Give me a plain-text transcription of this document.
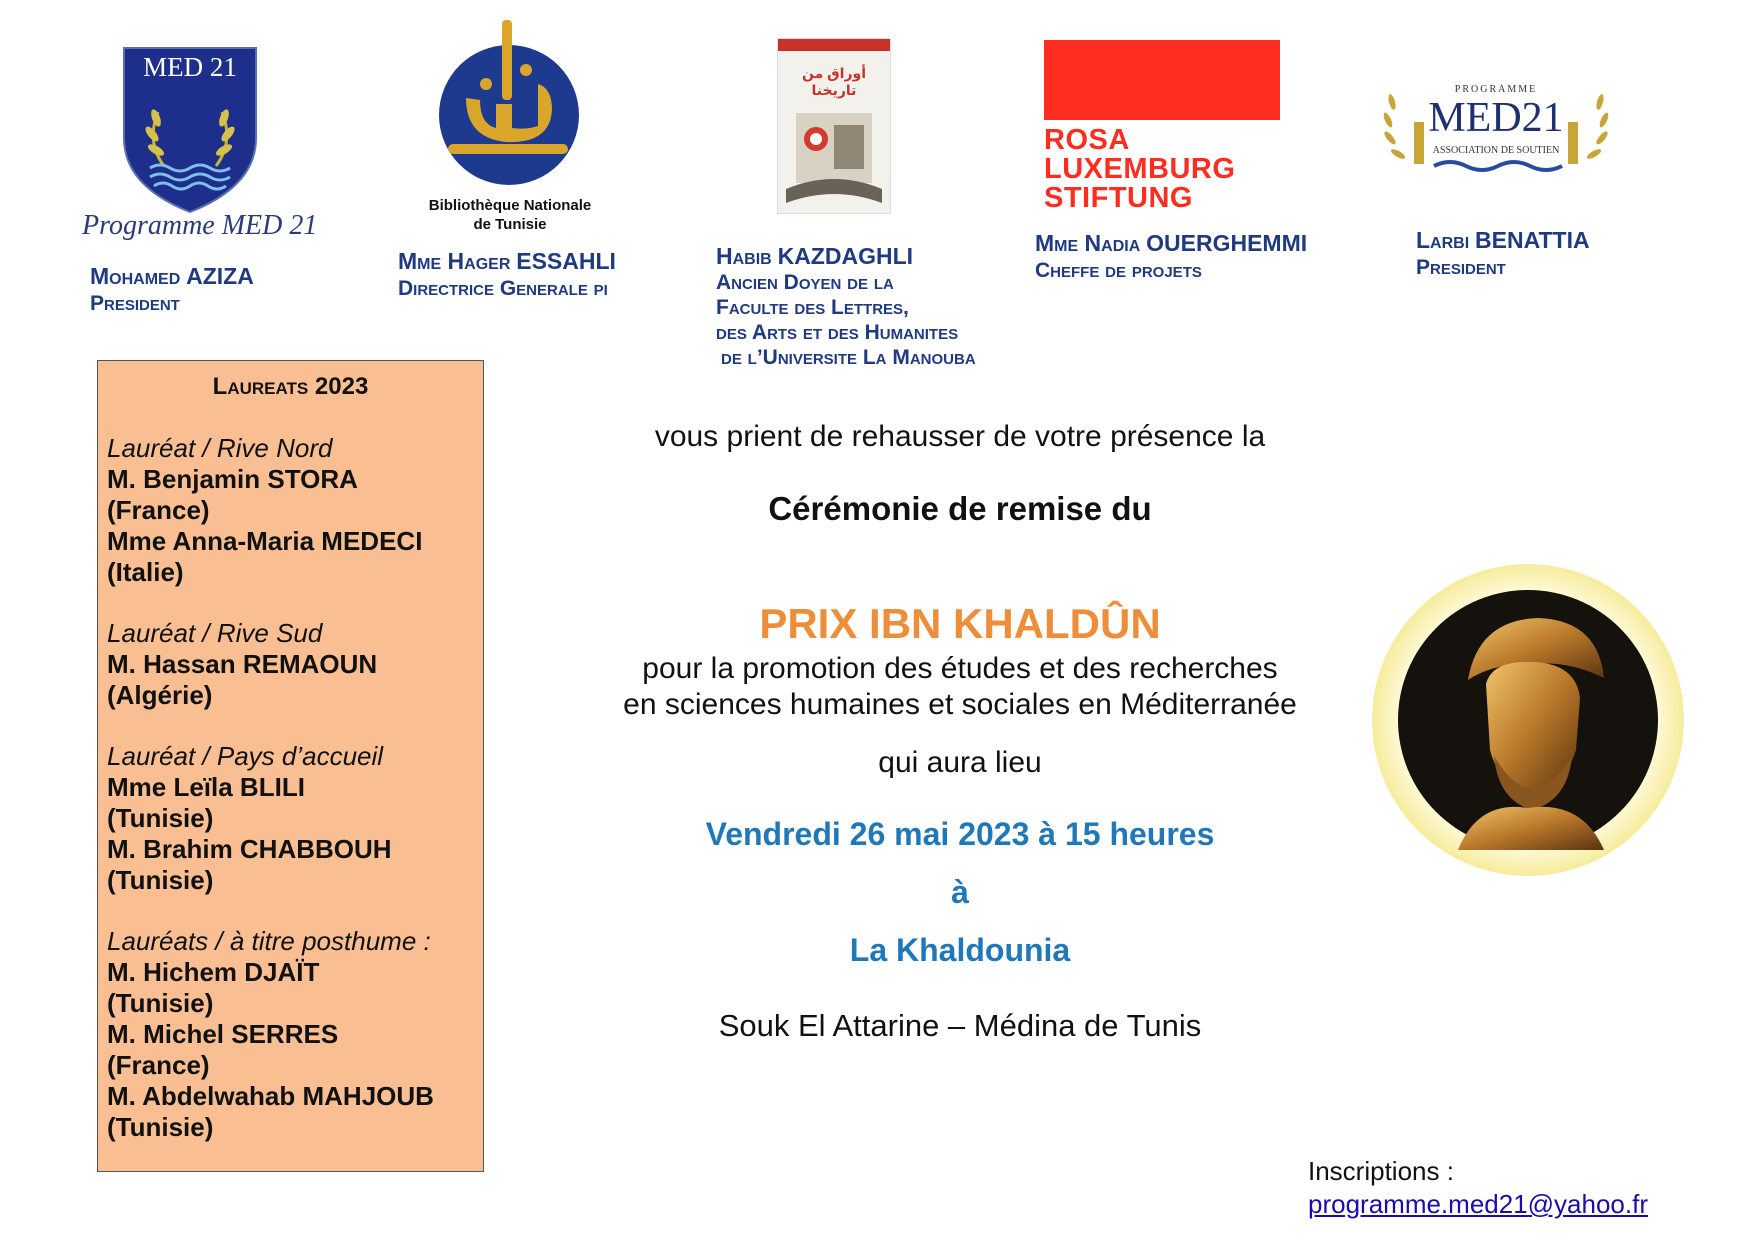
MED 21
Programme MED 21
Mohamed AZIZA
President
Bibliothèque Nationale
de Tunisie
Mme Hager ESSAHLI
Directrice Generale pi
أوراق من تاريخنا
Habib KAZDAGHLI
Ancien Doyen de la
Faculte des Lettres,
des Arts et des Humanites
de l’Universite La Manouba
ROSA
LUXEMBURG
STIFTUNG
Mme Nadia OUERGHEMMI
Cheffe de projets
PROGRAMME
MED21
ASSOCIATION DE SOUTIEN
Larbi BENATTIA
President
Laureats 2023
Lauréat / Rive Nord
M. Benjamin STORA
(France)
Mme Anna-Maria MEDECI
(Italie)
Lauréat / Rive Sud
M. Hassan REMAOUN
(Algérie)
Lauréat / Pays d’accueil
Mme Leïla BLILI
(Tunisie)
M. Brahim CHABBOUH
(Tunisie)
Lauréats / à titre posthume :
M. Hichem DJAÏT
(Tunisie)
M. Michel SERRES
(France)
M. Abdelwahab MAHJOUB
(Tunisie)
vous prient de rehausser de votre présence la
Cérémonie de remise du
PRIX IBN KHALDÛN
pour la promotion des études et des recherches
en sciences humaines et sociales en Méditerranée
qui aura lieu
Vendredi 26 mai 2023 à 15 heures
à
La Khaldounia
Souk El Attarine – Médina de Tunis
Inscriptions :
programme.med21@yahoo.fr
